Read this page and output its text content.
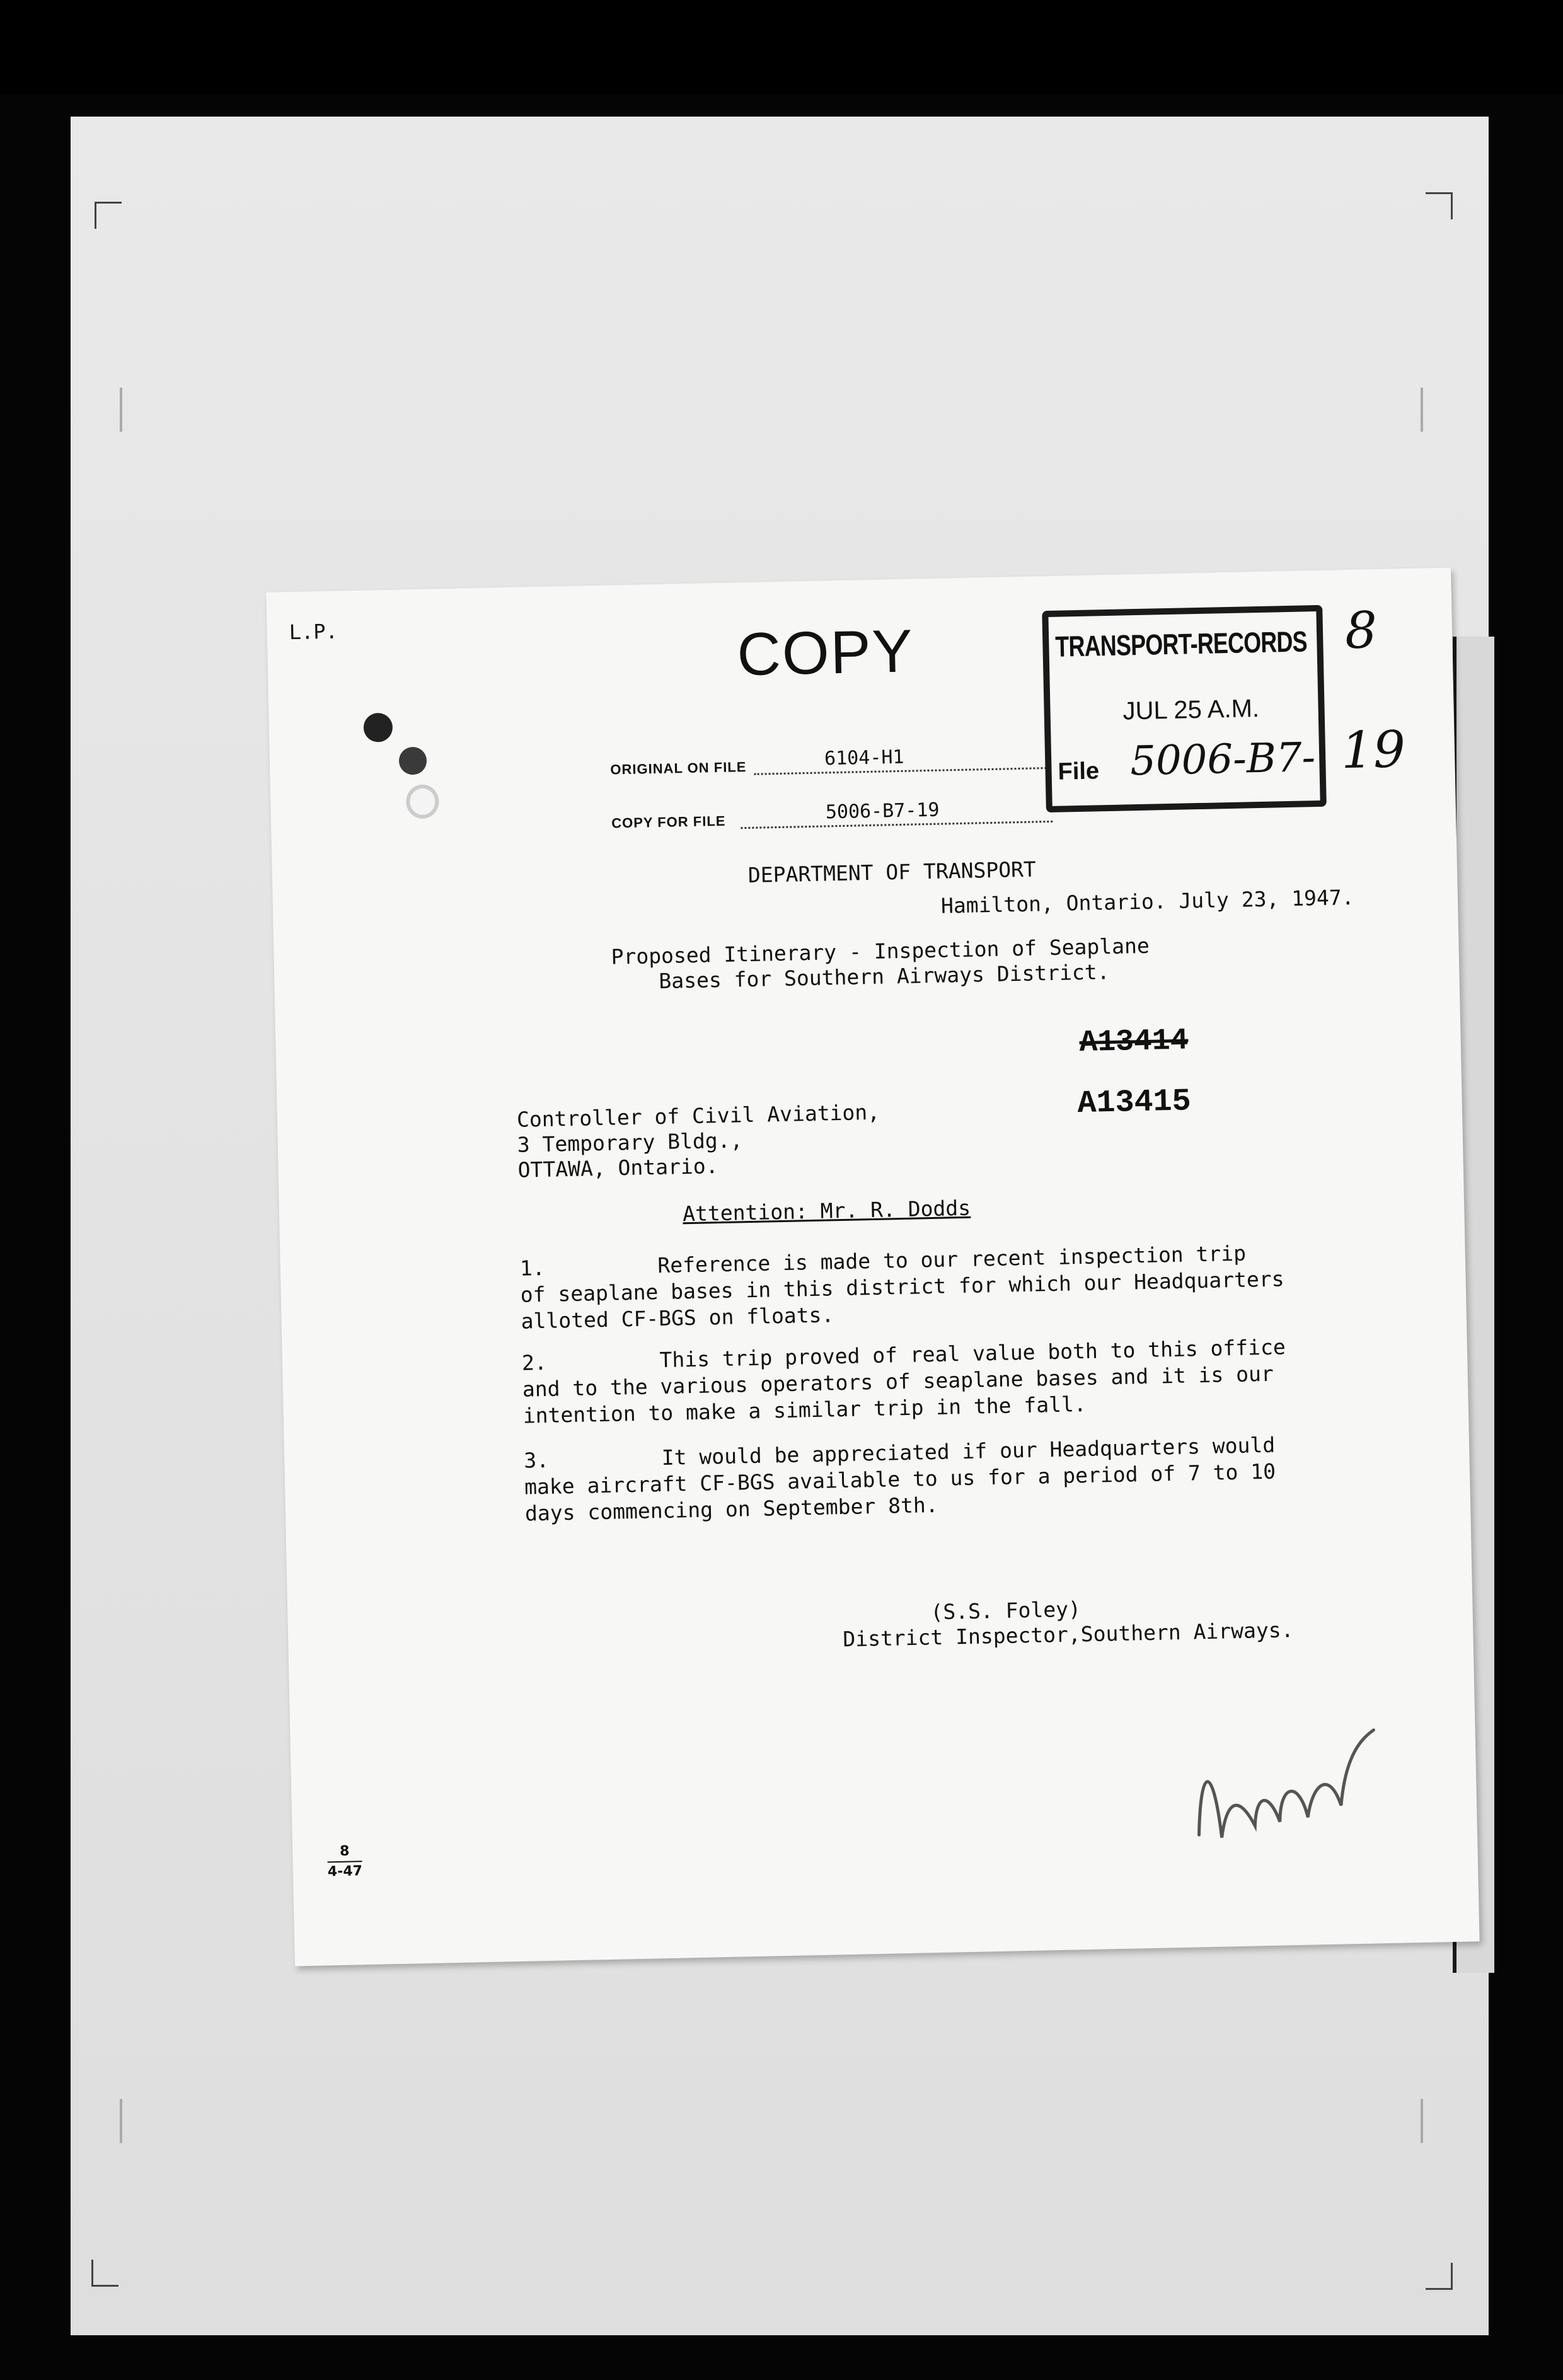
L.P.	COPY
ORIGINAL ON FILE	6104-H1
COPY FOR FILE	5006-B7-19
TRANSPORT-RECORDS
JUL 25 A.M.
File 5006-B7-
8
19
DEPARTMENT OF TRANSPORT
Hamilton, Ontario. July 23, 1947.
Proposed Itinerary - Inspection of Seaplane
Bases for Southern Airways District.
A13414
A13415
Controller of Civil Aviation,
3 Temporary Bldg.,
OTTAWA, Ontario.
Attention: Mr. R. Dodds
1.         Reference is made to our recent inspection trip
of seaplane bases in this district for which our Headquarters
alloted CF-BGS on floats.
2.         This trip proved of real value both to this office
and to the various operators of seaplane bases and it is our
intention to make a similar trip in the fall.
3.         It would be appreciated if our Headquarters would
make aircraft CF-BGS available to us for a period of 7 to 10
days commencing on September 8th.
(S.S. Foley)
District Inspector,Southern Airways.
8
4-47
